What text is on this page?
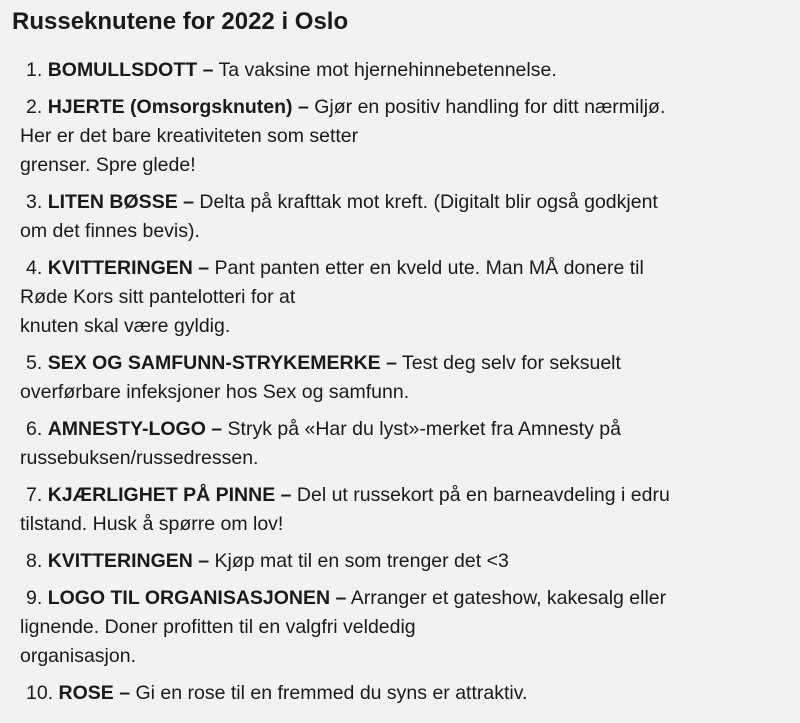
Russeknutene for 2022 i Oslo
1. BOMULLSDOTT – Ta vaksine mot hjernehinnebetennelse.
2. HJERTE (Omsorgsknuten) – Gjør en positiv handling for ditt nærmiljø.
Her er det bare kreativiteten som setter
grenser. Spre glede!
3. LITEN BØSSE – Delta på krafttak mot kreft. (Digitalt blir også godkjent
om det finnes bevis).
4. KVITTERINGEN – Pant panten etter en kveld ute. Man MÅ donere til
Røde Kors sitt pantelotteri for at
knuten skal være gyldig.
5. SEX OG SAMFUNN-STRYKEMERKE – Test deg selv for seksuelt
overførbare infeksjoner hos Sex og samfunn.
6. AMNESTY-LOGO – Stryk på «Har du lyst»-merket fra Amnesty på
russebuksen/russedressen.
7. KJÆRLIGHET PÅ PINNE – Del ut russekort på en barneavdeling i edru
tilstand. Husk å spørre om lov!
8. KVITTERINGEN – Kjøp mat til en som trenger det <3
9. LOGO TIL ORGANISASJONEN – Arranger et gateshow, kakesalg eller
lignende. Doner profitten til en valgfri veldedig
organisasjon.
10. ROSE – Gi en rose til en fremmed du syns er attraktiv.
